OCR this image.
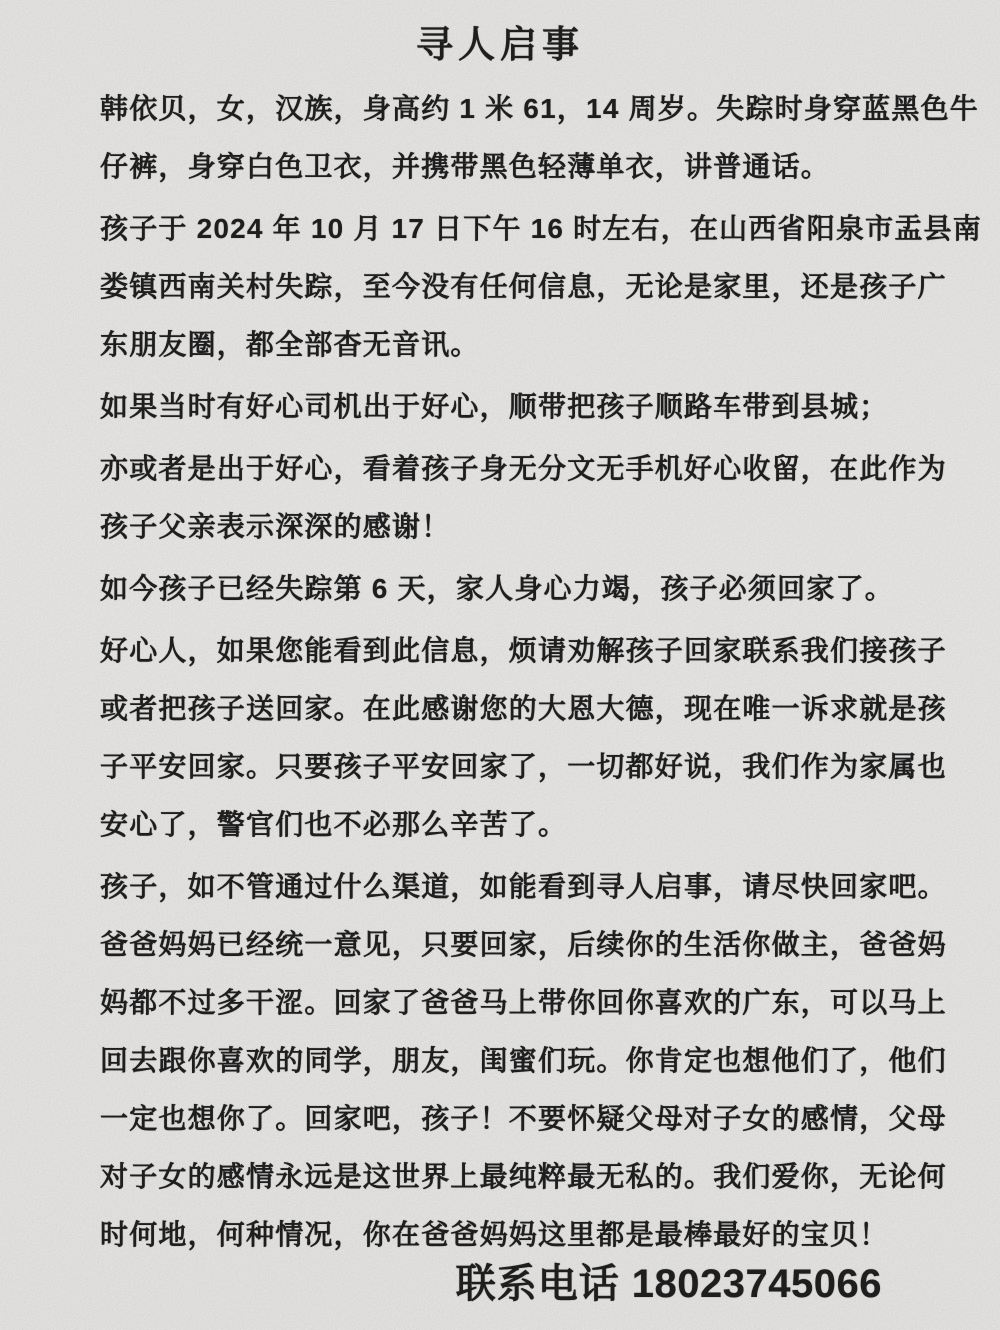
寻人启事
韩依贝，女，汉族，身高约 1 米 61，14 周岁。失踪时身穿蓝黑色牛
仔裤，身穿白色卫衣，并携带黑色轻薄单衣，讲普通话。
孩子于 2024 年 10 月 17 日下午 16 时左右，在山西省阳泉市盂县南
娄镇西南关村失踪，至今没有任何信息，无论是家里，还是孩子广
东朋友圈，都全部杳无音讯。
如果当时有好心司机出于好心，顺带把孩子顺路车带到县城；
亦或者是出于好心，看着孩子身无分文无手机好心收留，在此作为
孩子父亲表示深深的感谢！
如今孩子已经失踪第 6 天，家人身心力竭，孩子必须回家了。
好心人，如果您能看到此信息，烦请劝解孩子回家联系我们接孩子
或者把孩子送回家。在此感谢您的大恩大德，现在唯一诉求就是孩
子平安回家。只要孩子平安回家了，一切都好说，我们作为家属也
安心了，警官们也不必那么辛苦了。
孩子，如不管通过什么渠道，如能看到寻人启事，请尽快回家吧。
爸爸妈妈已经统一意见，只要回家，后续你的生活你做主，爸爸妈
妈都不过多干涩。回家了爸爸马上带你回你喜欢的广东，可以马上
回去跟你喜欢的同学，朋友，闺蜜们玩。你肯定也想他们了，他们
一定也想你了。回家吧，孩子！不要怀疑父母对子女的感情，父母
对子女的感情永远是这世界上最纯粹最无私的。我们爱你，无论何
时何地，何种情况，你在爸爸妈妈这里都是最棒最好的宝贝！
联系电话 18023745066
